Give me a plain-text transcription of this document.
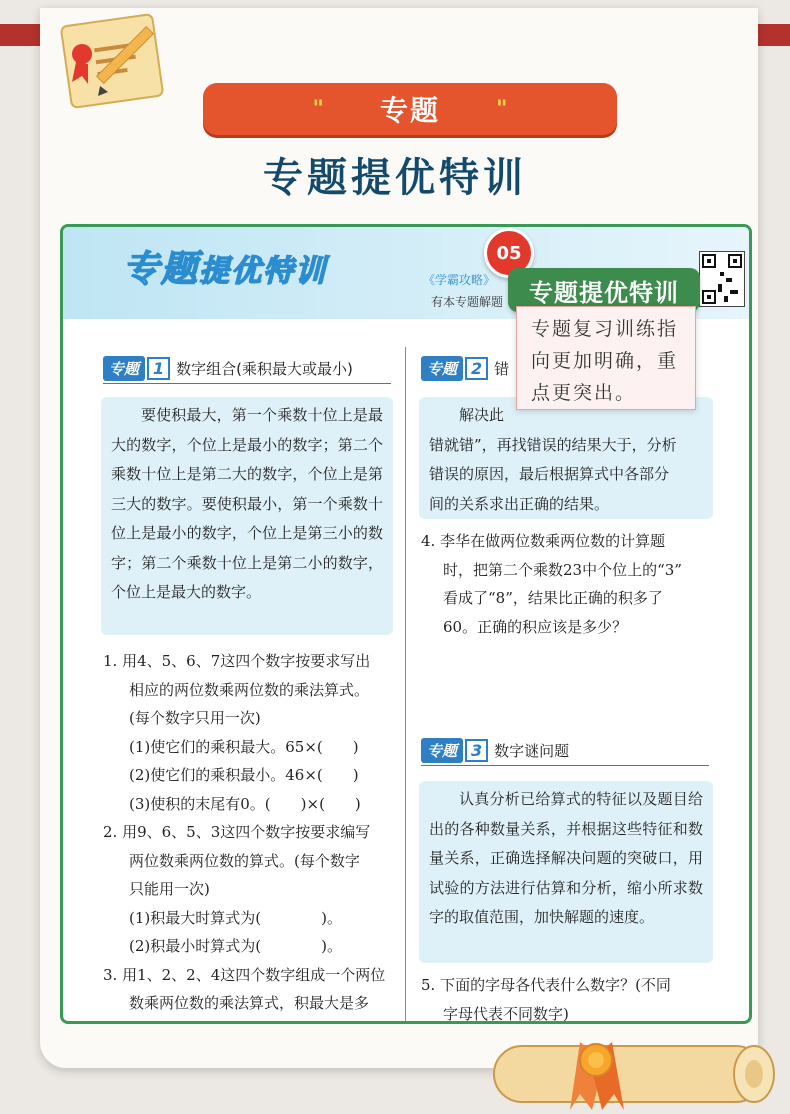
" 专题	"
专题提优特训
专题提优特训	《学霸攻略》
有本专题解题
专题 1 数字组合(乘积最大或最小)
要使积最大，第一个乘数十位上是最大的数字，个位上是最小的数字；第二个乘数十位上是第二大的数字，个位上是第三大的数字。要使积最小，第一个乘数十位上是最小的数字，个位上是第三小的数字；第二个乘数十位上是第二小的数字，个位上是最大的数字。
1. 用4、5、6、7这四个数字按要求写出
相应的两位数乘两位数的乘法算式。
(每个数字只用一次)
(1)使它们的乘积最大。65×(　　)
(2)使它们的乘积最小。46×(　　)
(3)使积的末尾有0。(　　)×(　　)
2. 用9、6、5、3这四个数字按要求编写
两位数乘两位数的算式。(每个数字
只能用一次)
(1)积最大时算式为(　　　　)。
(2)积最小时算式为(　　　　)。
3. 用1、2、2、4这四个数字组成一个两位
数乘两位数的乘法算式，积最大是多
专题 2 错
解决此
错就错”，再找错误的结果大于，分析
错误的原因，最后根据算式中各部分
间的关系求出正确的结果。
4. 李华在做两位数乘两位数的计算题
时，把第二个乘数23中个位上的“3”
看成了“8”，结果比正确的积多了
60。正确的积应该是多少？
专题 3 数字谜问题
认真分析已给算式的特征以及题目给出的各种数量关系，并根据这些特征和数量关系，正确选择解决问题的突破口，用试验的方法进行估算和分析，缩小所求数字的取值范围，加快解题的速度。
5. 下面的字母各代表什么数字？(不同
字母代表不同数字)
05
专题提优特训
专题复习训练指向更加明确，重点更突出。
